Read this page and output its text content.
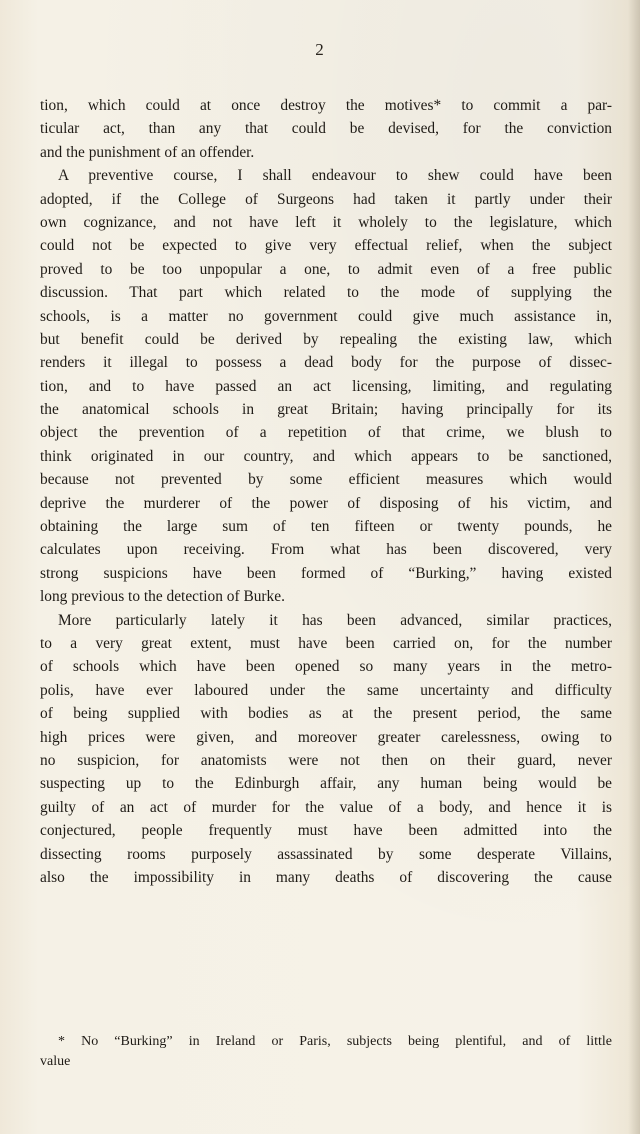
2
tion, which could at once destroy the motives* to commit a par-
ticular act, than any that could be devised, for the conviction
and the punishment of an offender.
A preventive course, I shall endeavour to shew could have been
adopted, if the College of Surgeons had taken it partly under their
own cognizance, and not have left it wholely to the legislature, which
could not be expected to give very effectual relief, when the subject
proved to be too unpopular a one, to admit even of a free public
discussion. That part which related to the mode of supplying the
schools, is a matter no government could give much assistance in,
but benefit could be derived by repealing the existing law, which
renders it illegal to possess a dead body for the purpose of dissec-
tion, and to have passed an act licensing, limiting, and regulating
the anatomical schools in great Britain; having principally for its
object the prevention of a repetition of that crime, we blush to
think originated in our country, and which appears to be sanctioned,
because not prevented by some efficient measures which would
deprive the murderer of the power of disposing of his victim, and
obtaining the large sum of ten fifteen or twenty pounds, he
calculates upon receiving. From what has been discovered, very
strong suspicions have been formed of “Burking,” having existed
long previous to the detection of Burke.
More particularly lately it has been advanced, similar practices,
to a very great extent, must have been carried on, for the number
of schools which have been opened so many years in the metro-
polis, have ever laboured under the same uncertainty and difficulty
of being supplied with bodies as at the present period, the same
high prices were given, and moreover greater carelessness, owing to
no suspicion, for anatomists were not then on their guard, never
suspecting up to the Edinburgh affair, any human being would be
guilty of an act of murder for the value of a body, and hence it is
conjectured, people frequently must have been admitted into the
dissecting rooms purposely assassinated by some desperate Villains,
also the impossibility in many deaths of discovering the cause
* No “Burking” in Ireland or Paris, subjects being plentiful, and of little
value
